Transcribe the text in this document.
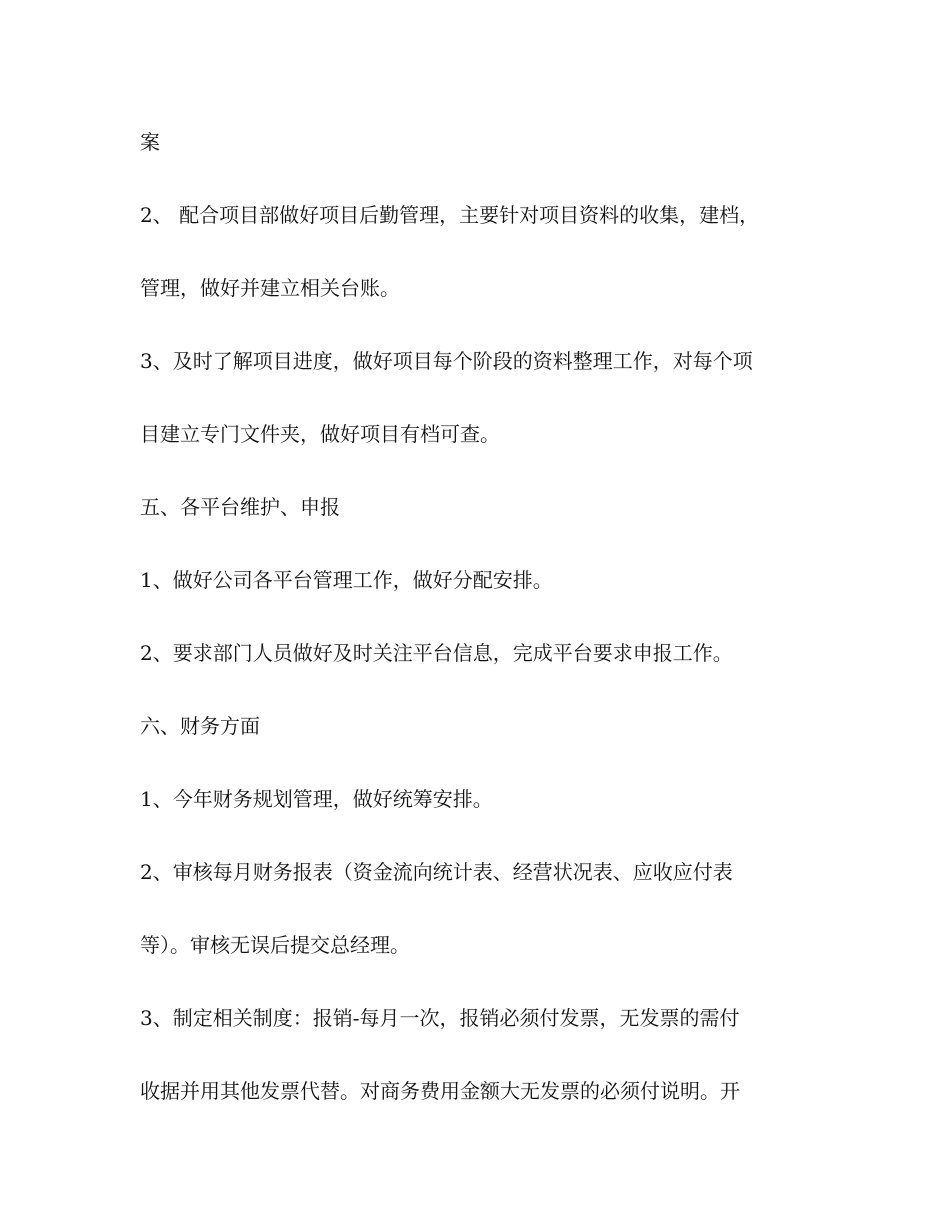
案
2、 配合项目部做好项目后勤管理，主要针对项目资料的收集，建档，
管理，做好并建立相关台账。
3、及时了解项目进度，做好项目每个阶段的资料整理工作，对每个项
目建立专门文件夹，做好项目有档可查。
五、各平台维护、申报
1、做好公司各平台管理工作，做好分配安排。
2、要求部门人员做好及时关注平台信息，完成平台要求申报工作。
六、财务方面
1、今年财务规划管理，做好统筹安排。
2、审核每月财务报表（资金流向统计表、经营状况表、应收应付表
等）。审核无误后提交总经理。
3、制定相关制度：报销-每月一次，报销必须付发票，无发票的需付
收据并用其他发票代替。对商务费用金额大无发票的必须付说明。开
